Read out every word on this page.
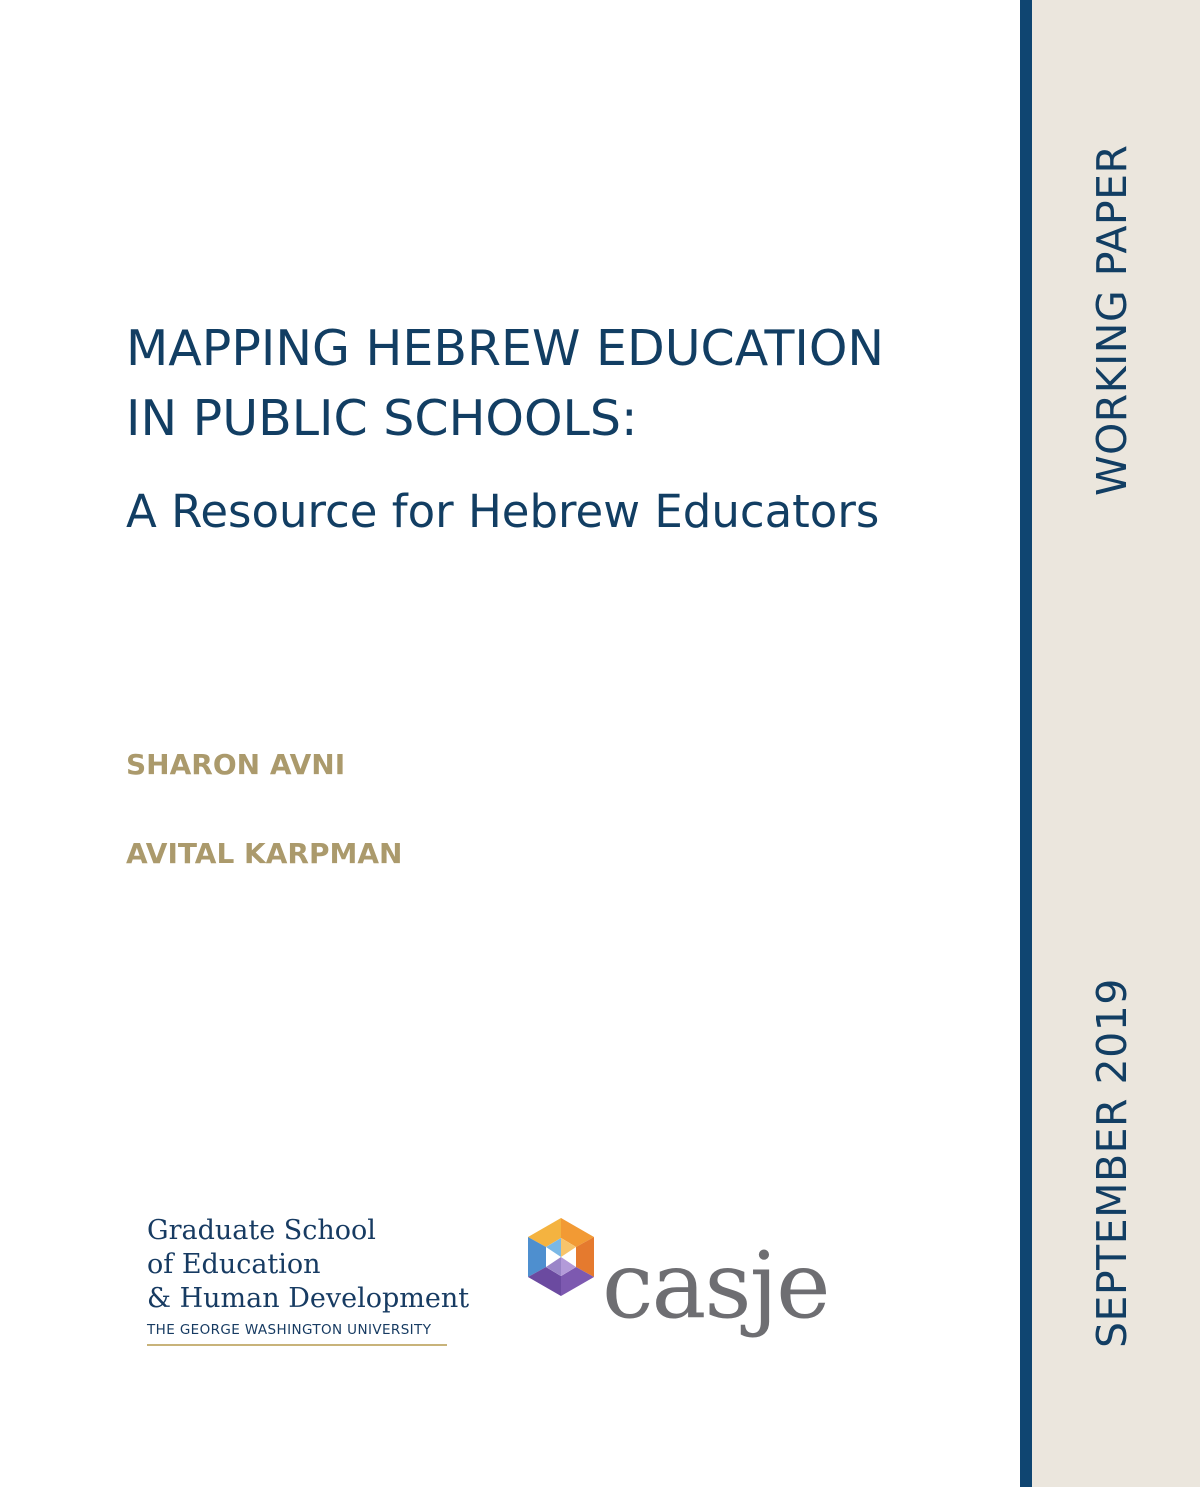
WORKING PAPER
SEPTEMBER 2019
MAPPING HEBREW EDUCATION
IN PUBLIC SCHOOLS:
A Resource for Hebrew Educators
SHARON AVNI
AVITAL KARPMAN
Graduate School
of Education
& Human Development
THE GEORGE WASHINGTON UNIVERSITY casje
